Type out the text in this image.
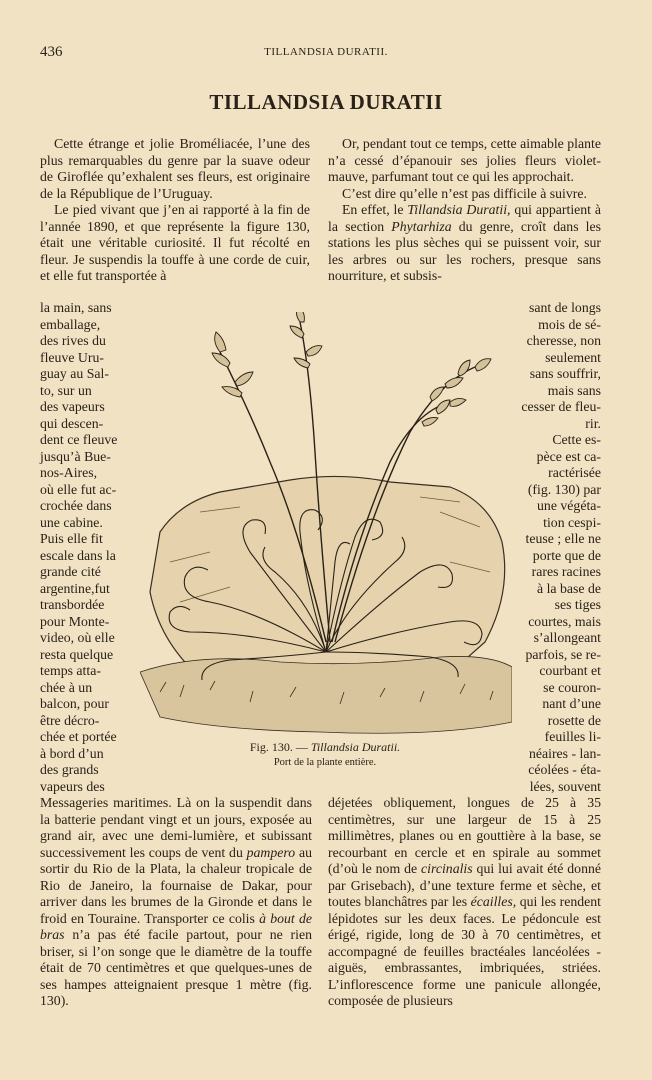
436	TILLANDSIA DURATII.
TILLANDSIA DURATII

Cette étrange et jolie Broméliacée, l’une des plus remarquables du genre par la suave odeur de Giroflée qu’exhalent ses fleurs, est originaire de la République de l’Uruguay.

Le pied vivant que j’en ai rapporté à la fin de l’année 1890, et que représente la figure 130, était une véritable curiosité. Il fut récolté en fleur. Je suspendis la touffe à une corde de cuir, et elle fut transportée à

Or, pendant tout ce temps, cette aimable plante n’a cessé d’épanouir ses jolies fleurs violet-mauve, parfumant tout ce qui les approchait.

C’est dire qu’elle n’est pas difficile à suivre.

En effet, le Tillandsia Duratii, qui appartient à la section Phytarhiza du genre, croît dans les stations les plus sèches qui se puissent voir, sur les arbres ou sur les rochers, presque sans nourriture, et subsis-

la main, sans
emballage,
des rives du
fleuve Uru-
guay au Sal-
to, sur un
des vapeurs
qui descen-
dent ce fleuve
jusqu’à Bue-
nos-Aires,
où elle fut ac-
crochée dans
une cabine.
Puis elle fit
escale dans la
grande cité
argentine,fut
transbordée
pour Monte-
video, où elle
resta quelque
temps atta-
chée à un
balcon, pour
être décro-
chée et portée
à bord d’un
des grands
vapeurs des
sant de longs
mois de sé-
cheresse, non
seulement
sans souffrir,
mais sans
cesser de fleu-
rir.
Cette es-
pèce est ca-
ractérisée
(fig. 130) par
une végéta-
tion cespi-
teuse ; elle ne
porte que de
rares racines
à la base de
ses tiges
courtes, mais
s’allongeant
parfois, se re-
courbant et
se couron-
nant d’une
rosette de
feuilles li-
néaires - lan-
céolées - éta-
lées, souvent
Fig. 130. — Tillandsia Duratii.
Port de la plante entière.

Messageries maritimes. Là on la suspendit dans la batterie pendant vingt et un jours, exposée au grand air, avec une demi-lumière, et subissant successivement les coups de vent du pampero au sortir du Rio de la Plata, la chaleur tropicale de Rio de Janeiro, la fournaise de Dakar, pour arriver dans les brumes de la Gironde et dans le froid en Touraine. Transporter ce colis à bout de bras n’a pas été facile partout, pour ne rien briser, si l’on songe que le diamètre de la touffe était de 70 centimètres et que quelques-unes de ses hampes atteignaient presque 1 mètre (fig. 130).

déjetées obliquement, longues de 25 à 35 centimètres, sur une largeur de 15 à 25 millimètres, planes ou en gouttière à la base, se recourbant en cercle et en spirale au sommet (d’où le nom de circinalis qui lui avait été donné par Grisebach), d’une texture ferme et sèche, et toutes blanchâtres par les écailles, qui les rendent lépidotes sur les deux faces. Le pédoncule est érigé, rigide, long de 30 à 70 centimètres, et accompagné de feuilles bractéales lancéolées - aiguës, embrassantes, imbriquées, striées. L’inflorescence forme une panicule allongée, composée de plusieurs
